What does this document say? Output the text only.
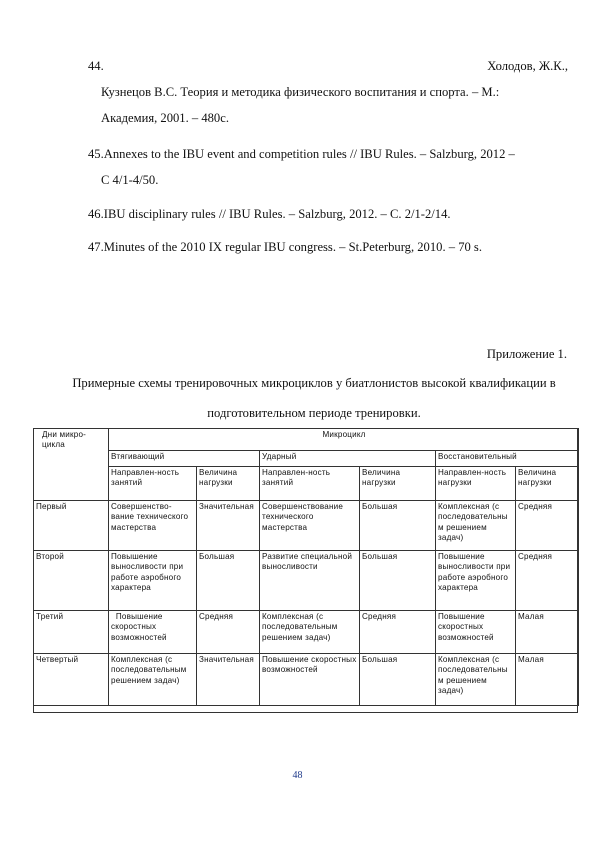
44.	Холодов, Ж.К.,
Кузнецов В.С. Теория и методика физического воспитания и спорта. – М.:
Академия, 2001. – 480с.
45.Annexes to the IBU event and competition rules // IBU Rules. – Salzburg, 2012 –
С 4/1-4/50.
46.IBU disciplinary rules // IBU Rules. – Salzburg, 2012. – С. 2/1-2/14.
47.Minutes of the 2010 IX regular IBU congress. – St.Peterburg, 2010. – 70 s.
Приложение 1.
Примерные схемы тренировочных микроциклов у биатлонистов высокой квалификации в
подготовительном периоде тренировки.
Дни микро- цикла	Микроцикл					
	Втягивающий		Ударный		Восстановительный	
	Направлен-ность занятий	Величина нагрузки	Направлен-ность занятий	Величина нагрузки	Направлен-ность нагрузки	Величина нагрузки
Первый	Совершенство- вание технического мастерства	Значительная	Совершенствование технического мастерства	Большая	Комплексная (с последовательны м решением задач)	Средняя
Второй	Повышение выносливости при работе аэробного характера	Большая	Развитие специальной выносливости	Большая	Повышение выносливости при работе аэробного характера	Средняя
Третий	Повышение скоростных возможностей	Средняя	Комплексная (с последовательным решением задач)	Средняя	Повышение скоростных возможностей	Малая
Четвертый	Комплексная (с последовательным решением задач)	Значительная	Повышение скоростных возможностей	Большая	Комплексная (с последовательны м решением задач)	Малая
48
